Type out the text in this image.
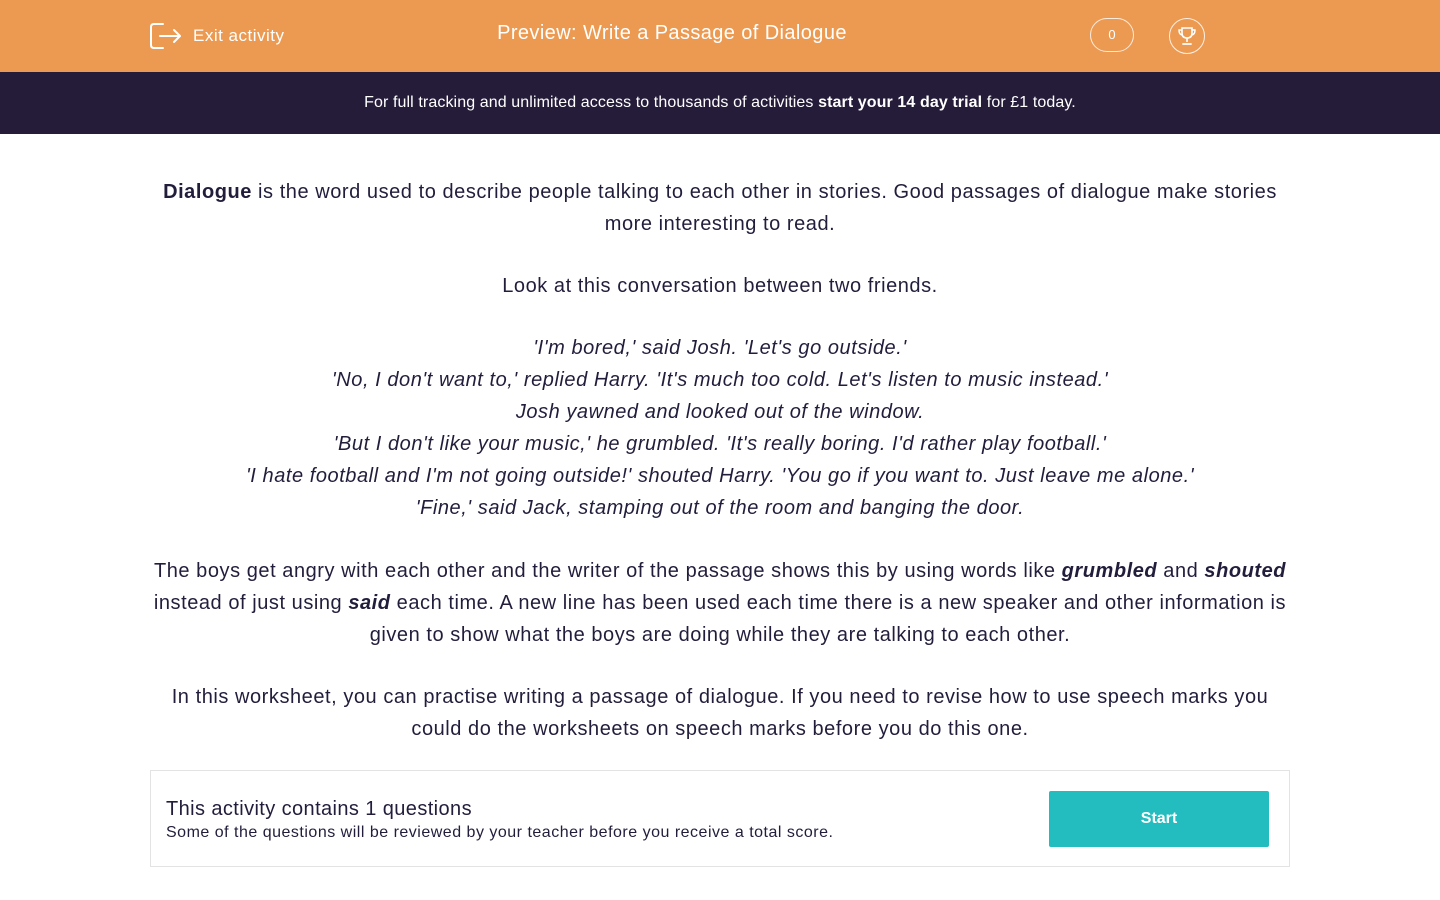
Exit activity	Preview: Write a Passage of Dialogue	0
For full tracking and unlimited access to thousands of activities start your 14 day trial for £1 today.

Dialogue is the word used to describe people talking to each other in stories. Good passages of dialogue make stories more interesting to read.

Look at this conversation between two friends.

'I'm bored,' said Josh. 'Let's go outside.'

'No, I don't want to,' replied Harry. 'It's much too cold. Let's listen to music instead.'

Josh yawned and looked out of the window.

'But I don't like your music,' he grumbled. 'It's really boring. I'd rather play football.'

'I hate football and I'm not going outside!' shouted Harry. 'You go if you want to. Just leave me alone.'

'Fine,' said Jack, stamping out of the room and banging the door.

The boys get angry with each other and the writer of the passage shows this by using words like grumbled and shouted instead of just using said each time. A new line has been used each time there is a new speaker and other information is given to show what the boys are doing while they are talking to each other.

In this worksheet, you can practise writing a passage of dialogue. If you need to revise how to use speech marks you could do the worksheets on speech marks before you do this one.

This activity contains 1 questions
Some of the questions will be reviewed by your teacher before you receive a total score.
Start
